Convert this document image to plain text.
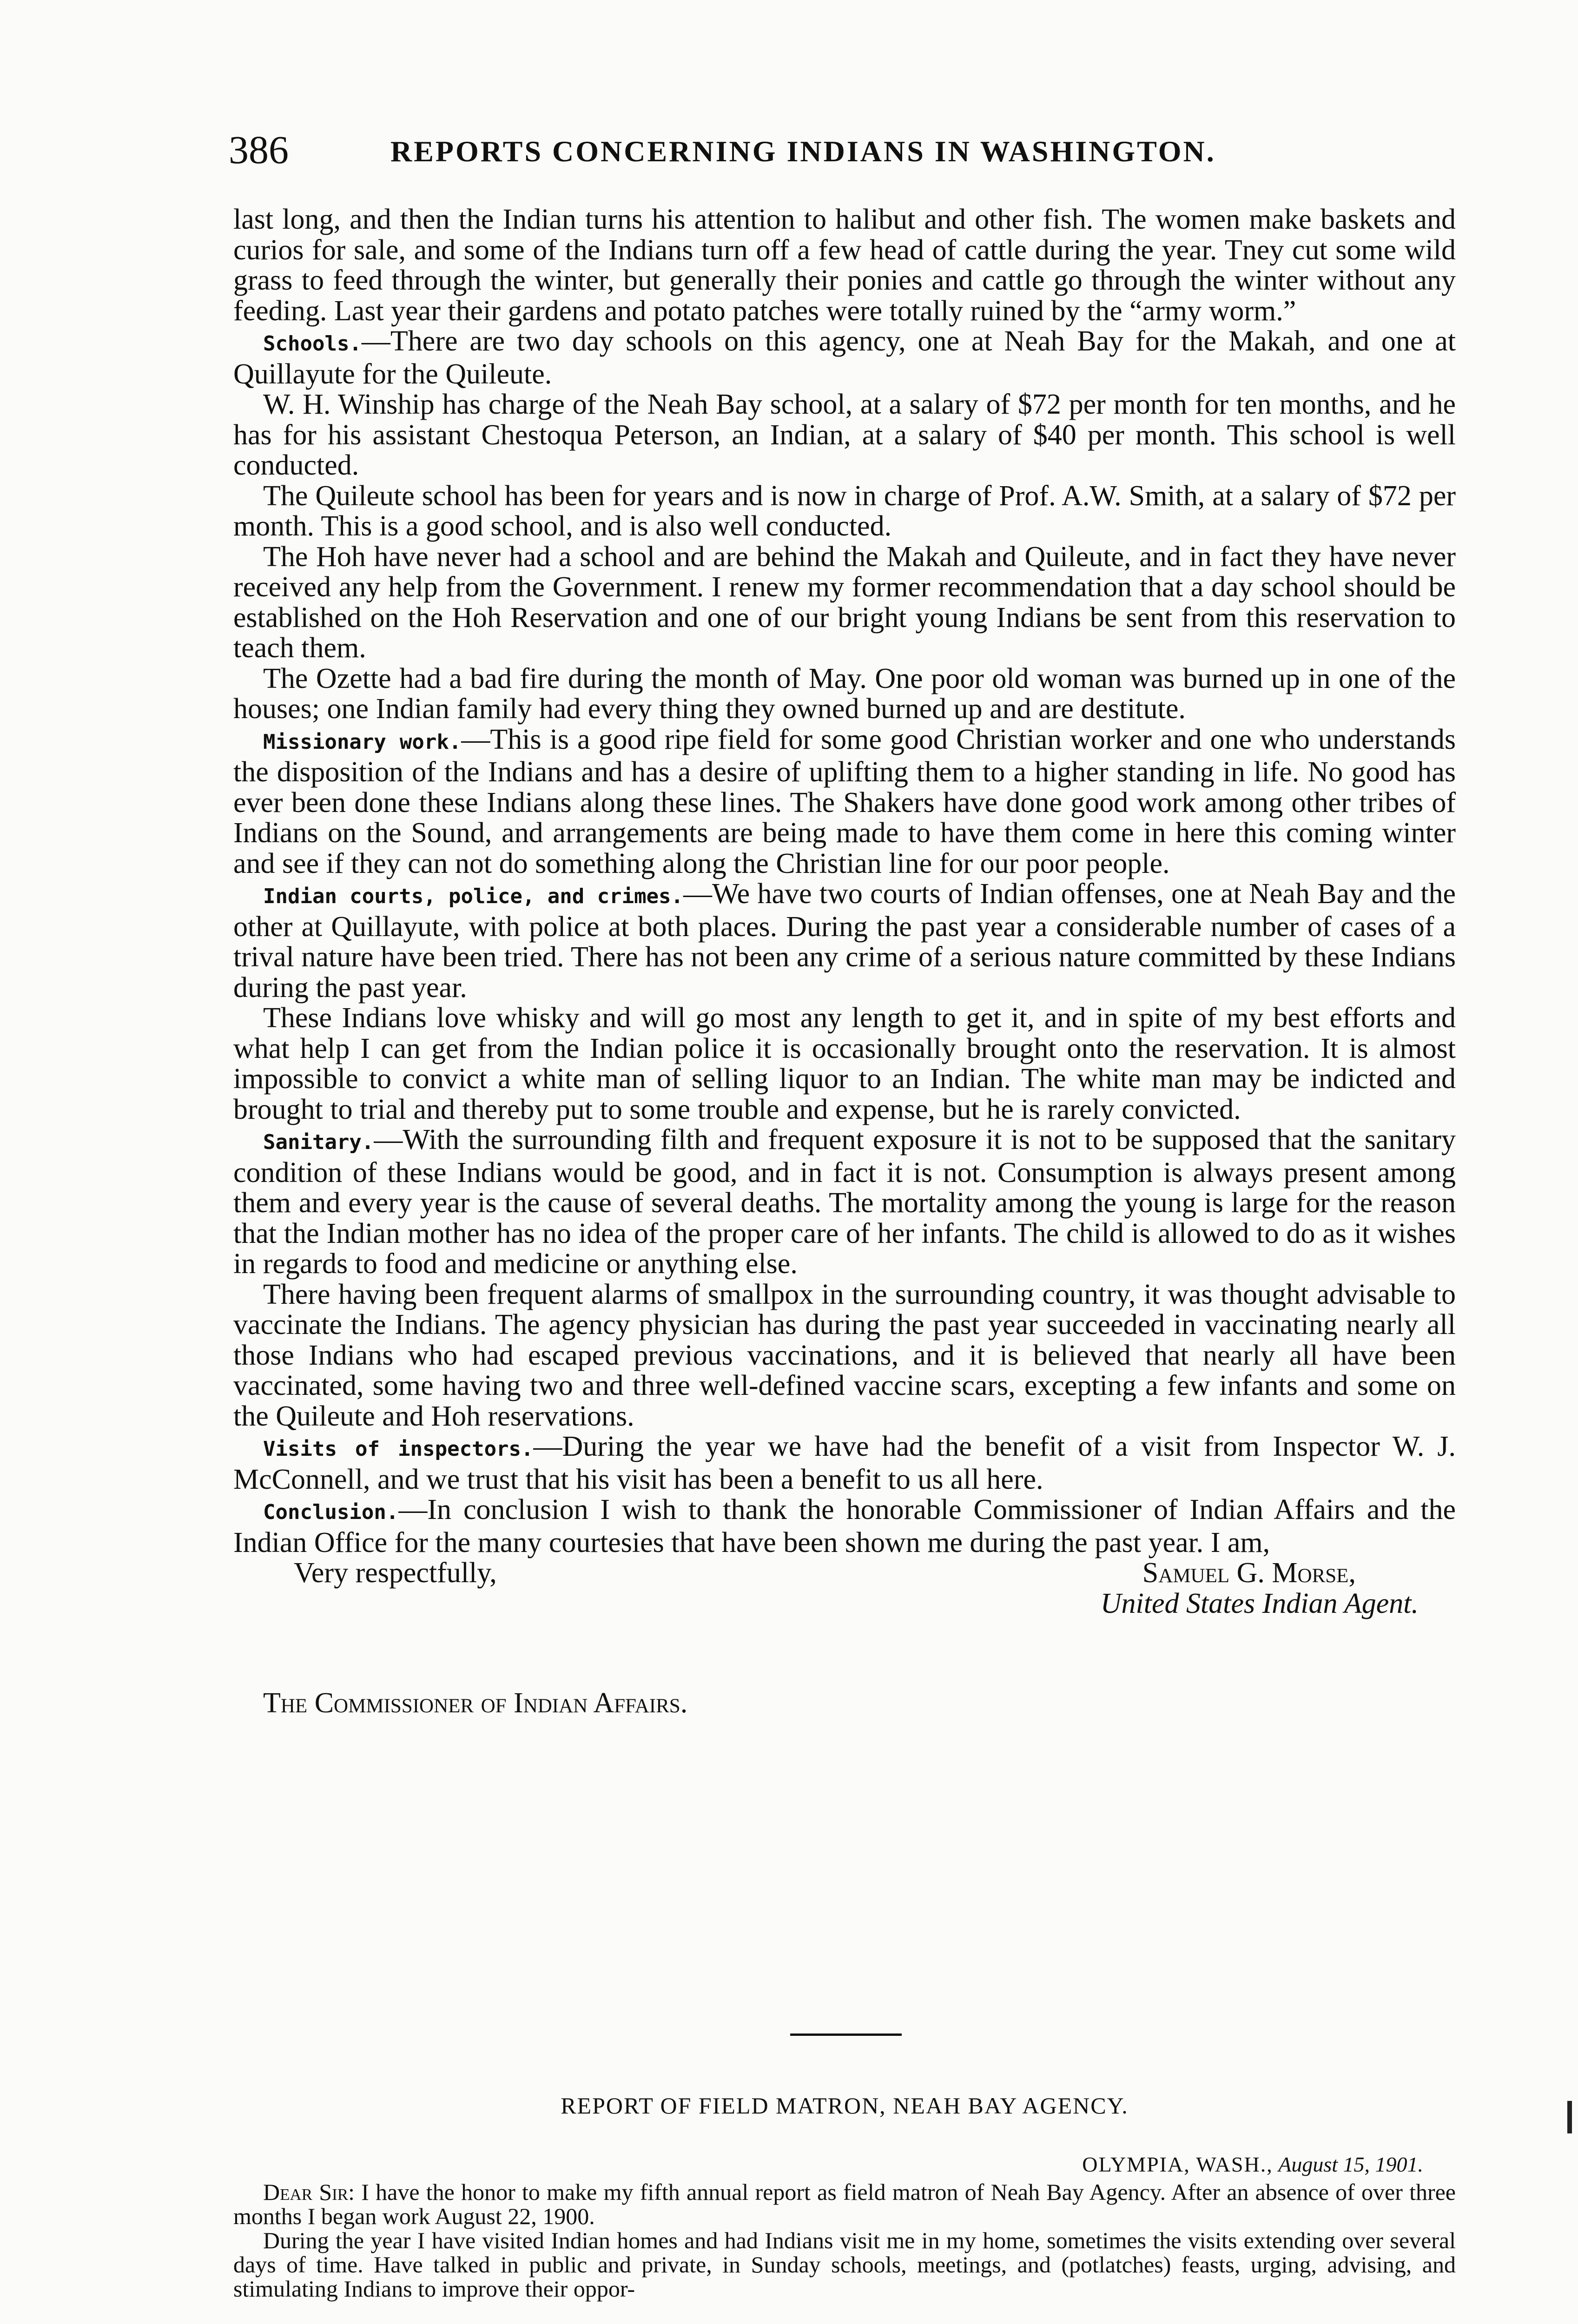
386	REPORTS CONCERNING INDIANS IN WASHINGTON.

last long, and then the Indian turns his attention to halibut and other fish. The women make baskets and curios for sale, and some of the Indians turn off a few head of cattle during the year. Tney cut some wild grass to feed through the winter, but generally their ponies and cattle go through the winter without any feeding. Last year their gardens and potato patches were totally ruined by the “army worm.”

Schools.—There are two day schools on this agency, one at Neah Bay for the Makah, and one at Quillayute for the Quileute.

W. H. Winship has charge of the Neah Bay school, at a salary of $72 per month for ten months, and he has for his assistant Chestoqua Peterson, an Indian, at a salary of $40 per month. This school is well conducted.

The Quileute school has been for years and is now in charge of Prof. A.W. Smith, at a salary of $72 per month. This is a good school, and is also well conducted.

The Hoh have never had a school and are behind the Makah and Quileute, and in fact they have never received any help from the Government. I renew my former recommendation that a day school should be established on the Hoh Reservation and one of our bright young Indians be sent from this reservation to teach them.

The Ozette had a bad fire during the month of May. One poor old woman was burned up in one of the houses; one Indian family had every thing they owned burned up and are destitute.

Missionary work.—This is a good ripe field for some good Christian worker and one who understands the disposition of the Indians and has a desire of uplifting them to a higher standing in life. No good has ever been done these Indians along these lines. The Shakers have done good work among other tribes of Indians on the Sound, and arrangements are being made to have them come in here this coming winter and see if they can not do something along the Christian line for our poor people.

Indian courts, police, and crimes.—We have two courts of Indian offenses, one at Neah Bay and the other at Quillayute, with police at both places. During the past year a considerable number of cases of a trival nature have been tried. There has not been any crime of a serious nature committed by these Indians during the past year.

These Indians love whisky and will go most any length to get it, and in spite of my best efforts and what help I can get from the Indian police it is occasionally brought onto the reservation. It is almost impossible to convict a white man of selling liquor to an Indian. The white man may be indicted and brought to trial and thereby put to some trouble and expense, but he is rarely convicted.

Sanitary.—With the surrounding filth and frequent exposure it is not to be supposed that the sanitary condition of these Indians would be good, and in fact it is not. Consumption is always present among them and every year is the cause of several deaths. The mortality among the young is large for the reason that the Indian mother has no idea of the proper care of her infants. The child is allowed to do as it wishes in regards to food and medicine or anything else.

There having been frequent alarms of smallpox in the surrounding country, it was thought advisable to vaccinate the Indians. The agency physician has during the past year succeeded in vaccinating nearly all those Indians who had escaped previous vaccinations, and it is believed that nearly all have been vaccinated, some having two and three well-defined vaccine scars, excepting a few infants and some on the Quileute and Hoh reservations.

Visits of inspectors.—During the year we have had the benefit of a visit from Inspector W. J. McConnell, and we trust that his visit has been a benefit to us all here.

Conclusion.—In conclusion I wish to thank the honorable Commissioner of Indian Affairs and the Indian Office for the many courtesies that have been shown me during the past year. I am,

Very respectfully,	Samuel G. Morse,
United States Indian Agent.
The Commissioner of Indian Affairs.
REPORT OF FIELD MATRON, NEAH BAY AGENCY.
OLYMPIA, WASH., August 15, 1901.

Dear Sir: I have the honor to make my fifth annual report as field matron of Neah Bay Agency. After an absence of over three months I began work August 22, 1900.

During the year I have visited Indian homes and had Indians visit me in my home, sometimes the visits extending over several days of time. Have talked in public and private, in Sunday schools, meetings, and (potlatches) feasts, urging, advising, and stimulating Indians to improve their oppor-
